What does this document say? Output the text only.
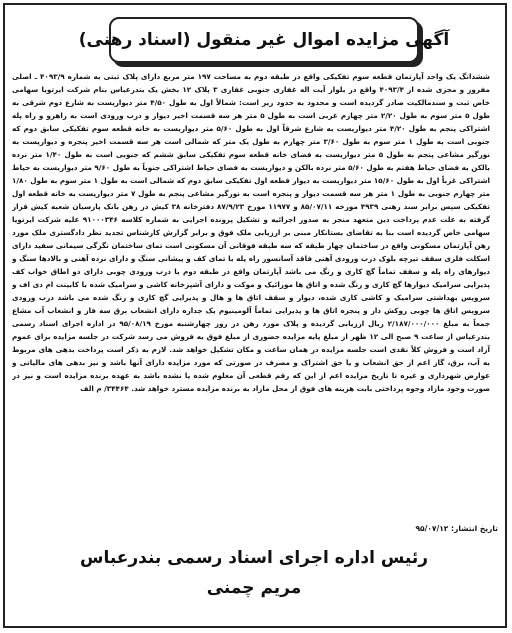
آگهی مزایده اموال غیر منقول (اسناد رهنی)

ششدانگ یک واحد آپارتمان قطعه سوم تفکیکی واقع در طبقه دوم به مساحت ۱۹۷ متر مربع دارای پلاک ثبتی به شماره ۴۰۹۳/۹ ـ اصلی مفروز و مجزی شده از ۴۰۹۳/۴ واقع در بلوار آیت اله غفاری جنوبی غفاری ۳ پلاک ۱۲ بخش یک بندرعباس بنام شرکت ایرتویا سهامی خاص ثبت و سندمالکیت صادر گردیده است و محدود به حدود زیر است: شمالاً اول به طول ۴/۵۰ متر دیواریست به شارع دوم شرقی به طول ۵ متر سوم به طول ۲/۲۰ متر چهارم غربی است به طول ۵ متر هر سه قسمت اخیر دیوار و درب ورودی است به راهرو و راه پله اشتراکی پنجم به طول ۴/۲۰ متر دیواریست به شارع شرقاً اول به طول ۵/۶۰ متر دیواریست به خانه قطعه سوم تفکیکی سابق دوم که جنوبی است به طول ۱ متر سوم به طول ۳/۶۰ متر چهارم به طول یک متر که شمالی است هر سه قسمت اخیر پنجره و دیواریست به نورگیر مشاعی پنجم به طول ۵ متر دیواریست به فضای خانه قطعه سوم تفکیکی سابق ششم که جنوبی است به طول ۱/۴۰ متر نرده بالکن به فضای حیاط هفتم به طول ۵/۶۰ متر نرده بالکن و دیواریست به فضای حیاط اشتراکی جنوباً به طول ۹/۶۰ متر دیواریست به حیاط اشتراکی غرباً اول به طول ۱۵/۶۰ متر دیواریست به دیوار قطعه اول تفکیکی سابق دوم که شمالی است به طول ۱ متر سوم به طول ۱/۸۰ متر چهارم جنوبی به طول ۱ متر هر سه قسمت دیوار و پنجره است به نورگیر مشاعی پنجم به طول ۷ متر دیواریست به خانه قطعه اول تفکیکی سپس برابر سند رهنی ۴۹۳۹ مورخه ۸۵/۰۷/۱۱ و ۱۱۹۷۷ مورخ ۸۷/۹/۲۳ دفترخانه ۳۸ کیش در رهن بانک پارسیان شعبه کیش قرار گرفته به علت عدم پرداخت دین متعهد منجر به صدور اجرائیه و تشکیل پرونده اجرایی به شماره کلاسه ۹۱۰۰۰۳۴۶ علیه شرکت ایرتویا سهامی خاص گردیده است بنا به تقاضای بستانکار مبنی بر ارزیابی ملک فوق و برابر گزارش کارشناس تجدید نظر دادگستری ملک مورد رهن آپارتمان مسکونی واقع در ساختمان چهار طبقه که سه طبقه فوقانی آن مسکونی است تمای ساختمان نگرگی سیمانی سفید دارای اسکلت فلزی سقف تیرچه بلوک درب ورودی آهنی فاقد آسانسور راه پله با تمای کف و پیشانی سنگ و دارای نرده آهنی و بالادها سنگ و دیوارهای راه پله و سقف تماماً گچ کاری و رنگ می باشد آپارتمان واقع در طبقه دوم با درب ورودی چوبی دارای دو اطاق خواب کف پذیرایی سرامیک دیوارها گچ کاری و رنگ شده و اتاق ها موزائیک و موکت و دارای آشپزخانه کاشی و سرامیک شده با کابینت ام دی اف و سرویس بهداشتی سرامیک و کاشی کاری شده، دیوار و سقف اتاق ها و هال و پذیرایی گچ کاری و رنگ شده می باشد درب ورودی سرویس اتاق ها چوبی روکش دار و پنجره اتاق ها و پذیرایی تماماً آلومینیوم یک جداره دارای انشعاب برق سه فاز و انشعاب آب مشاع جمعاً به مبلغ ۲/۱۸۷/۰۰۰/۰۰۰ ریال ارزیابی گردیده و پلاک مورد رهن در روز چهارشنبه مورخ ۹۵/۰۸/۱۹ در اداره اجرای اسناد رسمی بندرعباس از ساعت ۹ صبح الی ۱۲ ظهر از مبلغ پایه مزایده حضوری از مبلغ فوق به فروش می رسد شرکت در جلسه مزایده برای عموم آزاد است و فروش کلاً نقدی است جلسه مزایده در همان ساعت و مکان تشکیل خواهد شد. لازم به ذکر است پرداخت بدهی های مربوط به آب، برق، گاز اعم از حق انشعاب و یا حق اشتراک و مصرف در صورتی که مورد مزایده دارای آنها باشد و نیز بدهی های مالیاتی و عوارض شهرداری و غیره تا تاریخ مزایده اعم از این که رقم قطعی آن معلوم شده یا نشده باشد به عهده برنده مزایده است و نیز در صورت وجود مازاد وجوه پرداختی بابت هزینه های فوق از محل مازاد به برنده مزایده مسترد خواهد شد. ۳۴۴۶۴/ م الف

تاریخ انتشار: ۹۵/۰۷/۱۲
رئیس اداره اجرای اسناد رسمی بندرعباس
مریم چمنی
